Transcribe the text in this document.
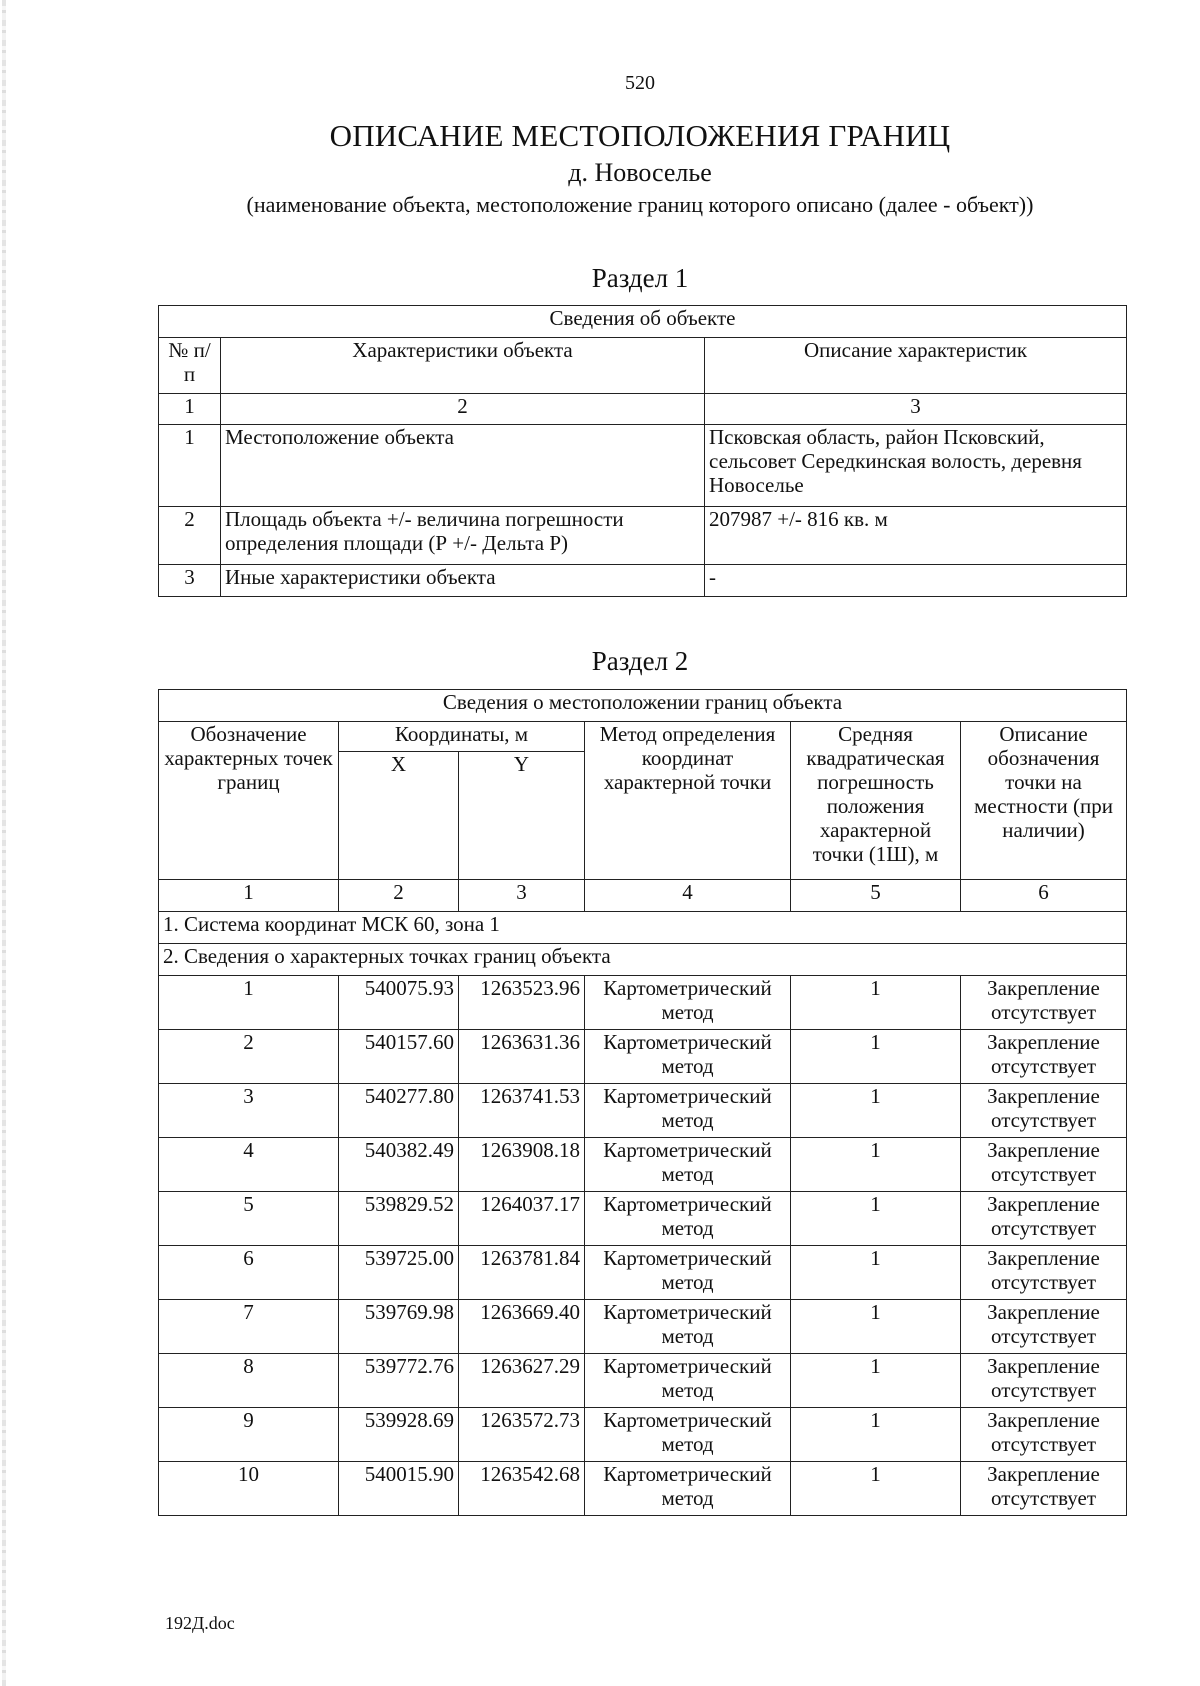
520
ОПИСАНИЕ МЕСТОПОЛОЖЕНИЯ ГРАНИЦ
д. Новоселье
(наименование объекта, местоположение границ которого описано (далее - объект))
Раздел 1
Сведения об объекте		
№ п/п	Характеристики объекта	Описание характеристик
1	2	3
1	Местоположение объекта	Псковская область, район Псковский, сельсовет Середкинская волость, деревня Новоселье
2	Площадь объекта +/- величина погрешности определения площади (Р +/- Дельта Р)	207987 +/- 816 кв. м
3	Иные характеристики объекта	-
Раздел 2
Сведения о местоположении границ объекта					
Обозначение характерных точек границ	Координаты, м		Метод определения координат характерной точки	Средняя квадратическая погрешность положения характерной точки (1Ш), м	Описание обозначения точки на местности (при наличии)
	X	Y			
1	2	3	4	5	6
1. Система координат МСК 60, зона 1					
2. Сведения о характерных точках границ объекта					
1	540075.93	1263523.96	Картометрический метод	1	Закрепление отсутствует
2	540157.60	1263631.36	Картометрический метод	1	Закрепление отсутствует
3	540277.80	1263741.53	Картометрический метод	1	Закрепление отсутствует
4	540382.49	1263908.18	Картометрический метод	1	Закрепление отсутствует
5	539829.52	1264037.17	Картометрический метод	1	Закрепление отсутствует
6	539725.00	1263781.84	Картометрический метод	1	Закрепление отсутствует
7	539769.98	1263669.40	Картометрический метод	1	Закрепление отсутствует
8	539772.76	1263627.29	Картометрический метод	1	Закрепление отсутствует
9	539928.69	1263572.73	Картометрический метод	1	Закрепление отсутствует
10	540015.90	1263542.68	Картометрический метод	1	Закрепление отсутствует
192Д.doc
